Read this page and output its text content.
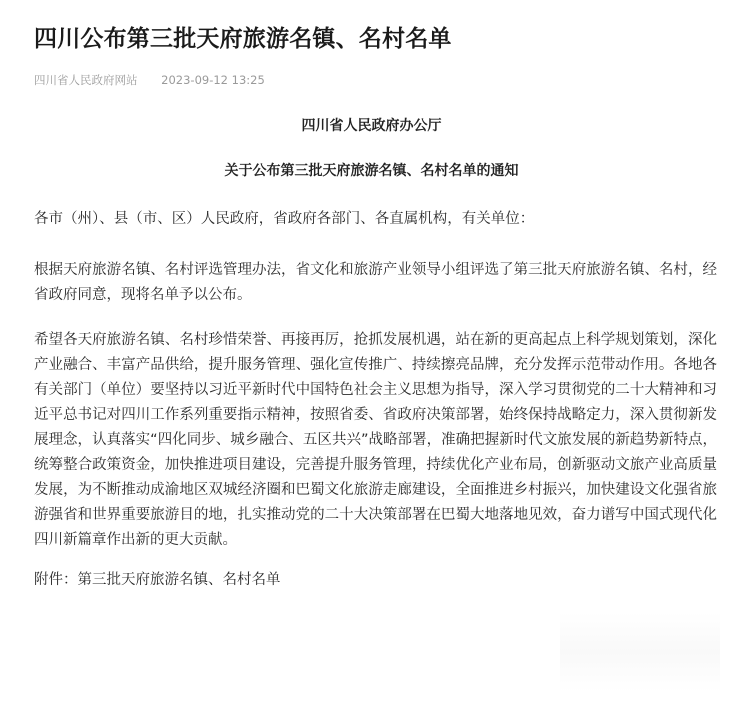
四川公布第三批天府旅游名镇、名村名单
四川省人民政府网站 2023-09-12 13:25
四川省人民政府办公厅
关于公布第三批天府旅游名镇、名村名单的通知

各市（州）、县（市、区）人民政府，省政府各部门、各直属机构，有关单位：

根据天府旅游名镇、名村评选管理办法，省文化和旅游产业领导小组评选了第三批天府旅游名镇、名村，经省政府同意，现将名单予以公布。

希望各天府旅游名镇、名村珍惜荣誉、再接再厉，抢抓发展机遇，站在新的更高起点上科学规划策划，深化产业融合、丰富产品供给，提升服务管理、强化宣传推广、持续擦亮品牌，充分发挥示范带动作用。各地各有关部门（单位）要坚持以习近平新时代中国特色社会主义思想为指导，深入学习贯彻党的二十大精神和习近平总书记对四川工作系列重要指示精神，按照省委、省政府决策部署，始终保持战略定力，深入贯彻新发展理念，认真落实“四化同步、城乡融合、五区共兴”战略部署，准确把握新时代文旅发展的新趋势新特点，统筹整合政策资金，加快推进项目建设，完善提升服务管理，持续优化产业布局，创新驱动文旅产业高质量发展，为不断推动成渝地区双城经济圈和巴蜀文化旅游走廊建设，全面推进乡村振兴，加快建设文化强省旅游强省和世界重要旅游目的地，扎实推动党的二十大决策部署在巴蜀大地落地见效，奋力谱写中国式现代化四川新篇章作出新的更大贡献。

附件：第三批天府旅游名镇、名村名单
